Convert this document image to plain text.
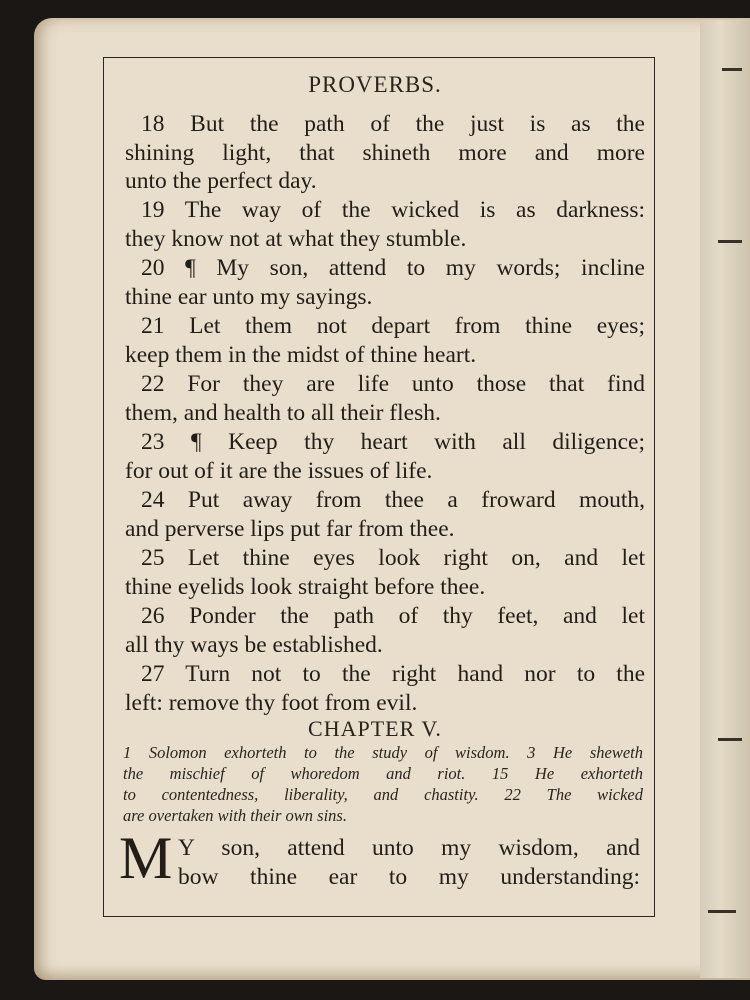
PROVERBS.
18 But the path of the just is as the
shining light, that shineth more and more
unto the perfect day.
19 The way of the wicked is as darkness:
they know not at what they stumble.
20 ¶ My son, attend to my words; incline
thine ear unto my sayings.
21 Let them not depart from thine eyes;
keep them in the midst of thine heart.
22 For they are life unto those that find
them, and health to all their flesh.
23 ¶ Keep thy heart with all diligence;
for out of it are the issues of life.
24 Put away from thee a froward mouth,
and perverse lips put far from thee.
25 Let thine eyes look right on, and let
thine eyelids look straight before thee.
26 Ponder the path of thy feet, and let
all thy ways be established.
27 Turn not to the right hand nor to the
left: remove thy foot from evil.
CHAPTER V.
1 Solomon exhorteth to the study of wisdom. 3 He sheweth
the mischief of whoredom and riot. 15 He exhorteth
to contentedness, liberality, and chastity. 22 The wicked
are overtaken with their own sins.
M Y son, attend unto my wisdom, and
bow thine ear to my understanding:
